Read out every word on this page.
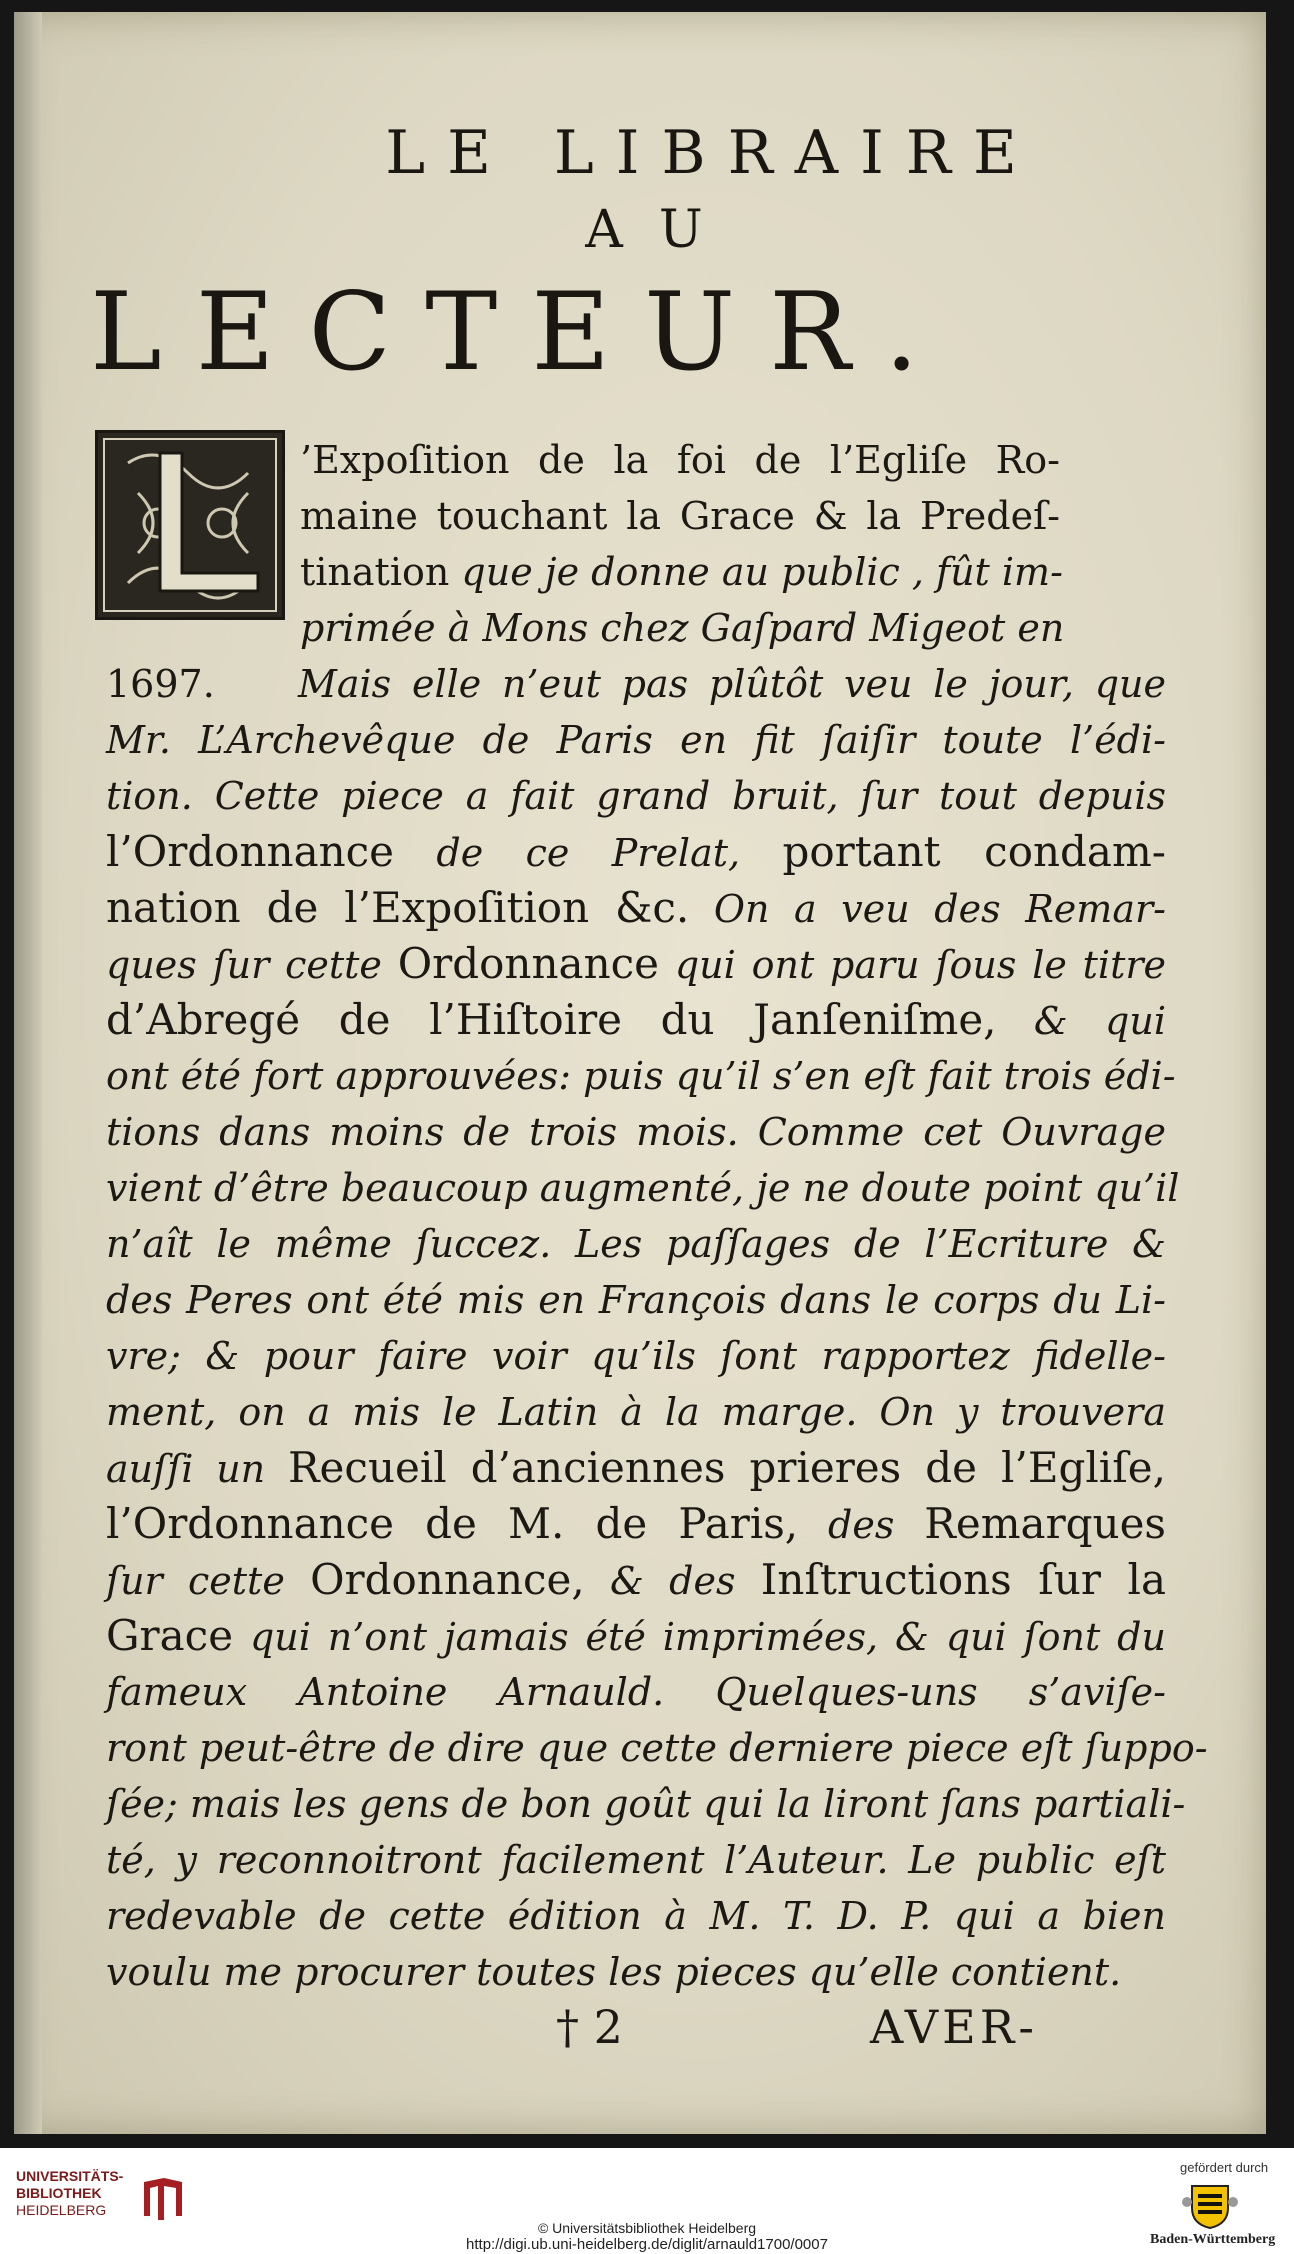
LE LIBRAIRE
AU
LECTEUR.
’Expoſition de la foi de l’Egliſe Ro-
maine touchant la Grace & la Predeſ-
tination que je donne au public , fût im-
primée à Mons chez Gaſpard Migeot en
1697. Mais elle n’eut pas plûtôt veu le jour, que
Mr. L’Archevêque de Paris en fit ſaiſir toute l’édi-
tion. Cette piece a fait grand bruit, ſur tout depuis
l’Ordonnance de ce Prelat, portant condam-
nation de l’Expoſition &c. On a veu des Remar-
ques ſur cette Ordonnance qui ont paru ſous le titre
d’Abregé de l’Hiſtoire du Janſeniſme, & qui
ont été fort approuvées: puis qu’il s’en eſt fait trois édi-
tions dans moins de trois mois. Comme cet Ouvrage
vient d’être beaucoup augmenté, je ne doute point qu’il
n’aît le même ſuccez. Les paſſages de l’Ecriture &
des Peres ont été mis en François dans le corps du Li-
vre; & pour faire voir qu’ils ſont rapportez fidelle-
ment, on a mis le Latin à la marge. On y trouvera
auſſi un Recueil d’anciennes prieres de l’Egliſe,
l’Ordonnance de M. de Paris, des Remarques
ſur cette Ordonnance, & des Inſtructions ſur la
Grace qui n’ont jamais été imprimées, & qui ſont du
fameux Antoine Arnauld. Quelques-uns s’aviſe-
ront peut-être de dire que cette derniere piece eſt ſuppo-
ſée; mais les gens de bon goût qui la liront ſans partiali-
té, y reconnoitront facilement l’Auteur. Le public eſt
redevable de cette édition à M. T. D. P. qui a bien
voulu me procurer toutes les pieces qu’elle contient.
† 2	AVER-
UNIVERSITÄTS-
BIBLIOTHEK
HEIDELBERG
© Universitätsbibliothek Heidelberg
http://digi.ub.uni-heidelberg.de/diglit/arnauld1700/0007
gefördert durch
Baden-Württemberg
